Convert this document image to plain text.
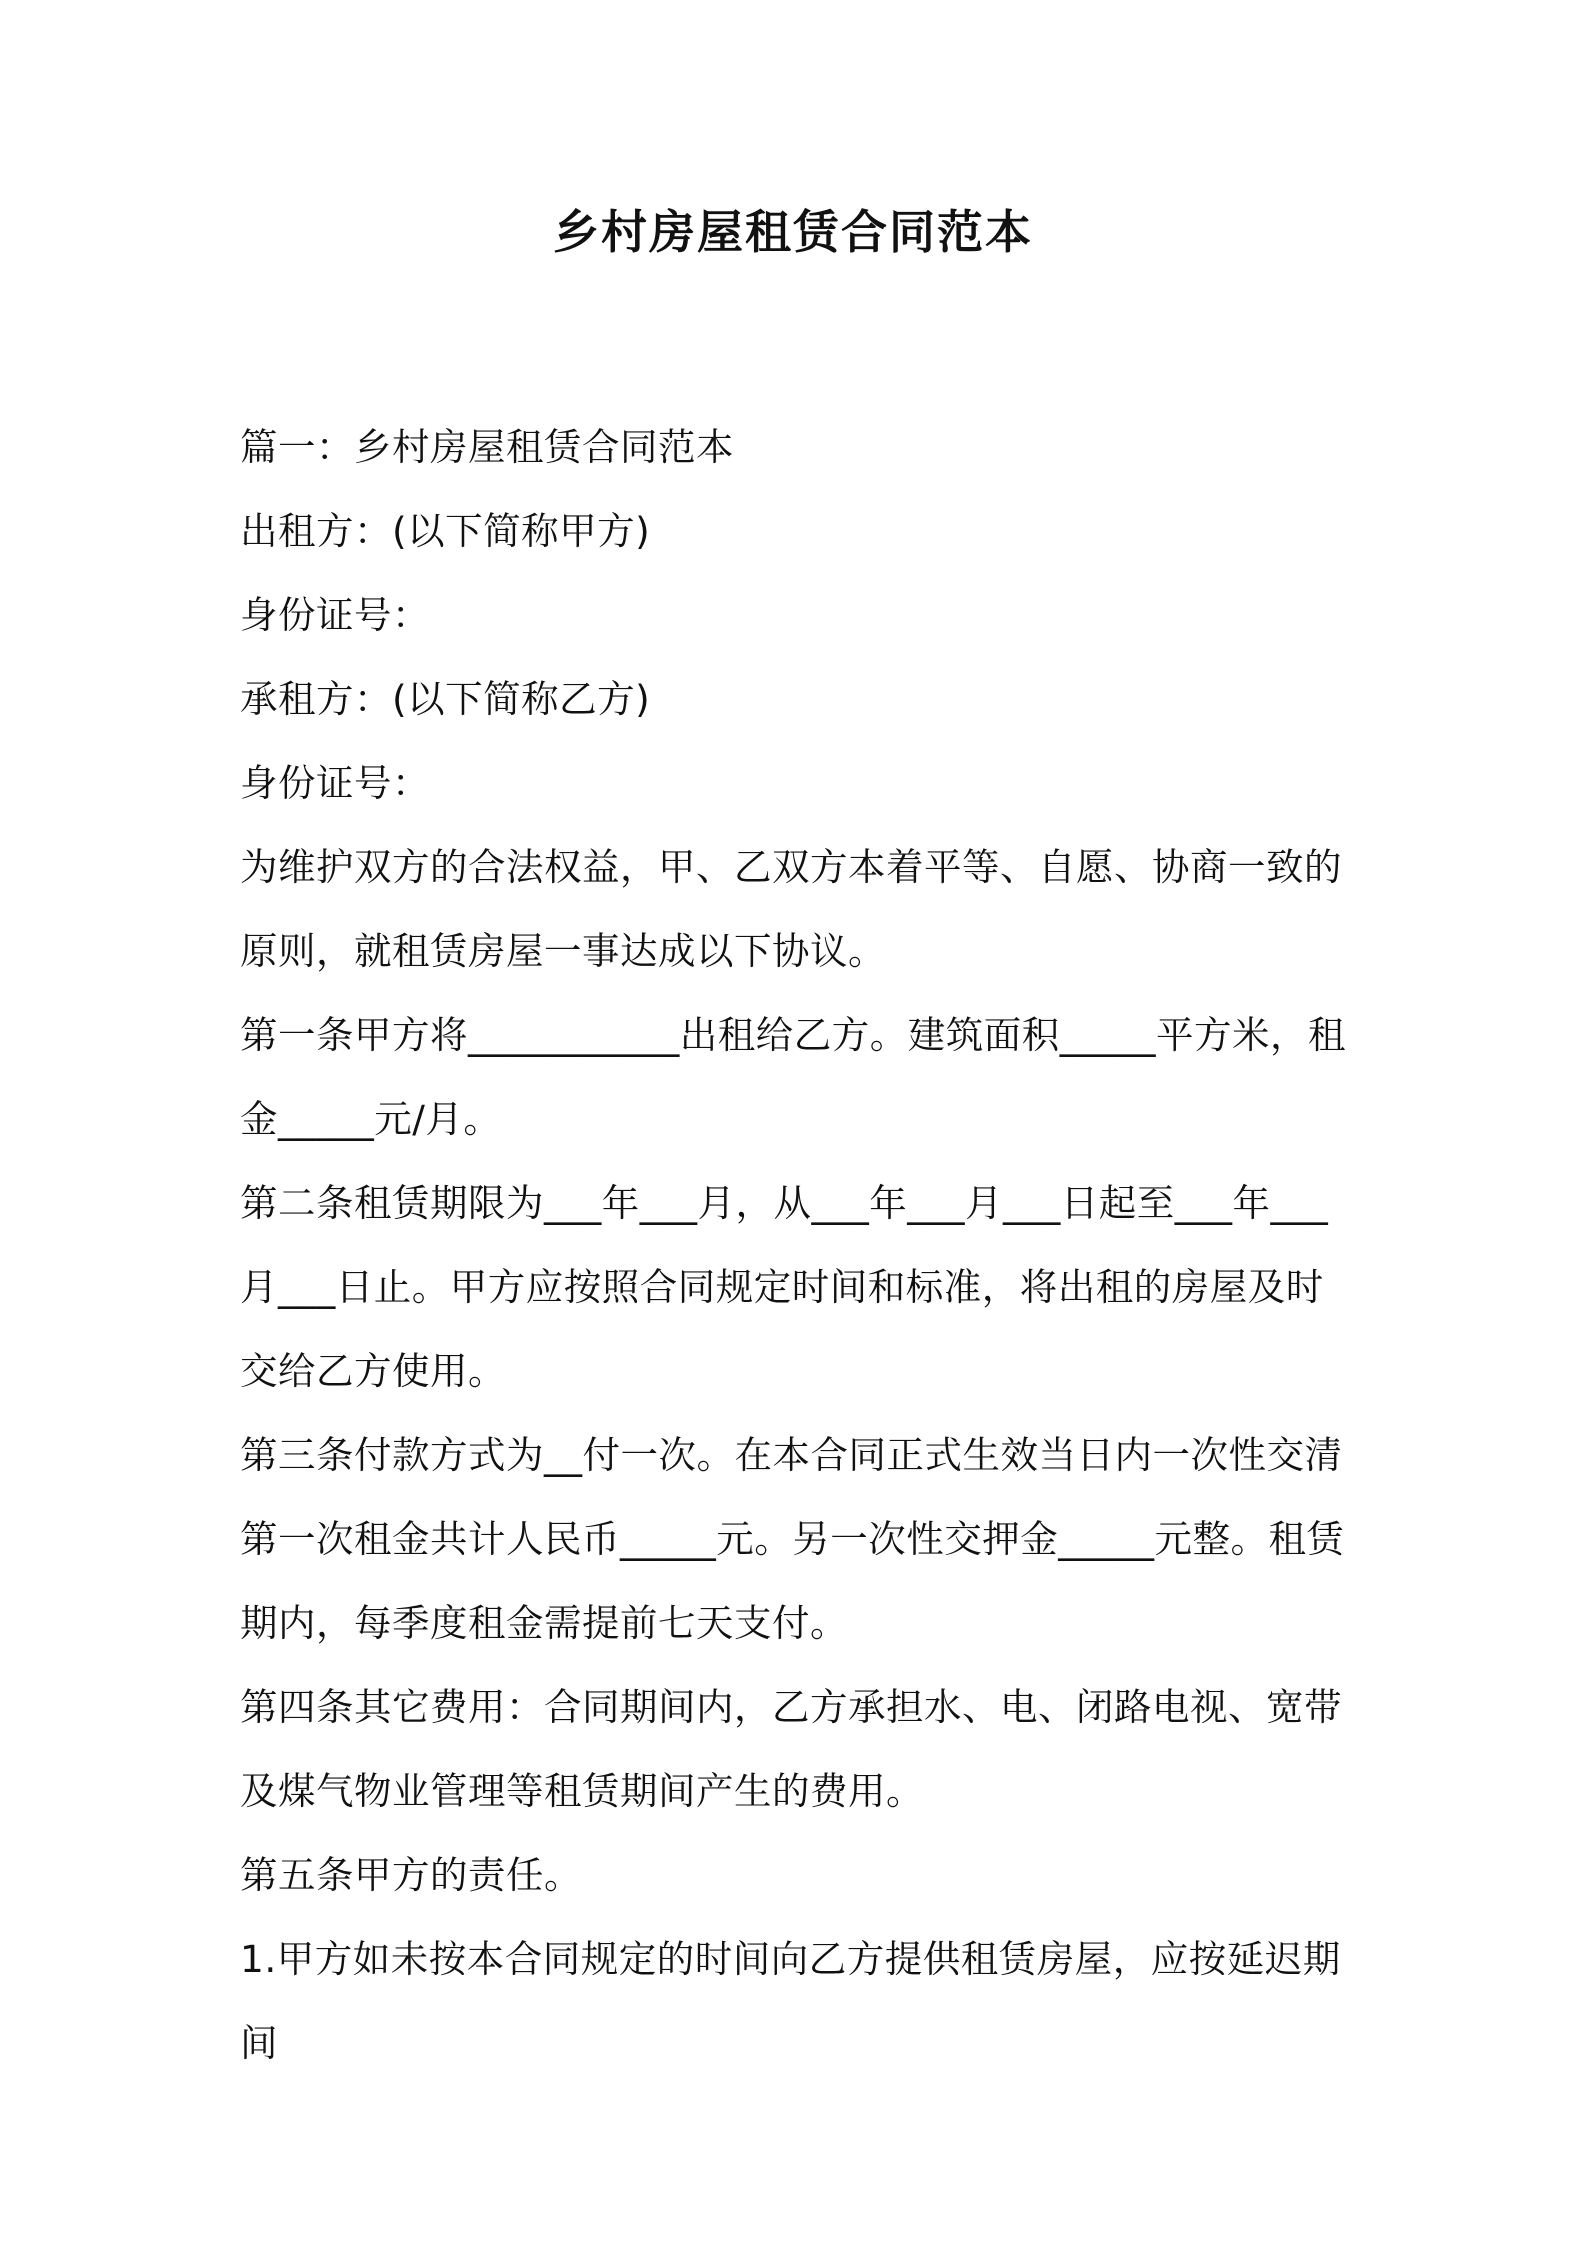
乡村房屋租赁合同范本

篇一：乡村房屋租赁合同范本

出租方：(以下简称甲方)

身份证号：

承租方：(以下简称乙方)

身份证号：

为维护双方的合法权益，甲、乙双方本着平等、自愿、协商一致的原则，就租赁房屋一事达成以下协议。

第一条甲方将___________出租给乙方。建筑面积_____平方米，租金_____元/月。

第二条租赁期限为___年___月，从___年___月___日起至___年___月___日止。甲方应按照合同规定时间和标准，将出租的房屋及时交给乙方使用。

第三条付款方式为__付一次。在本合同正式生效当日内一次性交清第一次租金共计人民币_____元。另一次性交押金_____元整。租赁期内，每季度租金需提前七天支付。

第四条其它费用：合同期间内，乙方承担水、电、闭路电视、宽带及煤气物业管理等租赁期间产生的费用。

第五条甲方的责任。

1.甲方如未按本合同规定的时间向乙方提供租赁房屋，应按延迟期间
